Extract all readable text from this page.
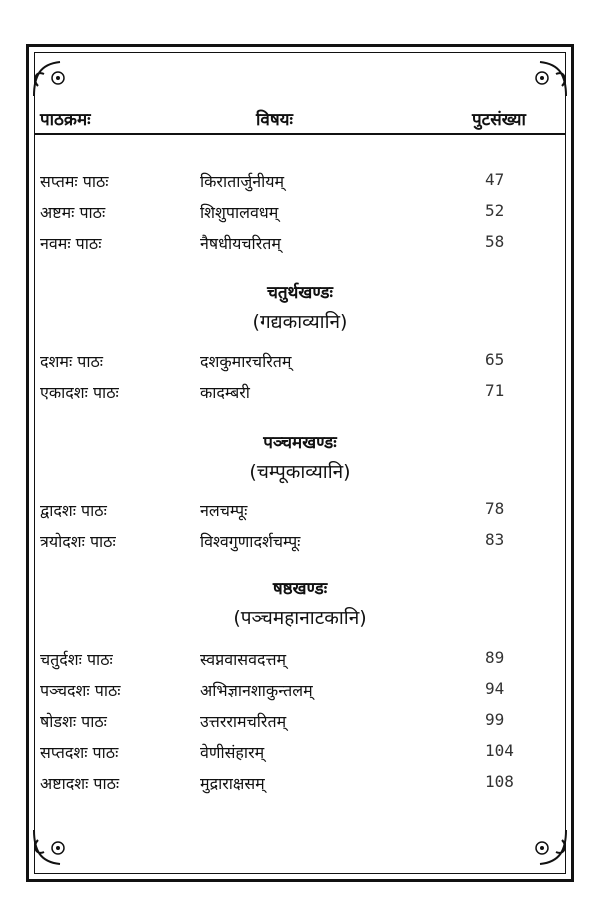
पाठक्रमः	विषयः	पुटसंख्या
सप्तमः पाठः	किरातार्जुनीयम्	47
अष्टमः पाठः	शिशुपालवधम्	52
नवमः पाठः	नैषधीयचरितम्	58
चतुर्थखण्डः
(गद्यकाव्यानि)
दशमः पाठः	दशकुमारचरितम्	65
एकादशः पाठः	कादम्बरी	71
पञ्चमखण्डः
(चम्पूकाव्यानि)
द्वादशः पाठः	नलचम्पूः	78
त्रयोदशः पाठः	विश्वगुणादर्शचम्पूः	83
षष्ठखण्डः
(पञ्चमहानाटकानि)
चतुर्दशः पाठः	स्वप्नवासवदत्तम्	89
पञ्चदशः पाठः	अभिज्ञानशाकुन्तलम्	94
षोडशः पाठः	उत्तररामचरितम्	99
सप्तदशः पाठः	वेणीसंहारम्	104
अष्टादशः पाठः	मुद्राराक्षसम्	108
